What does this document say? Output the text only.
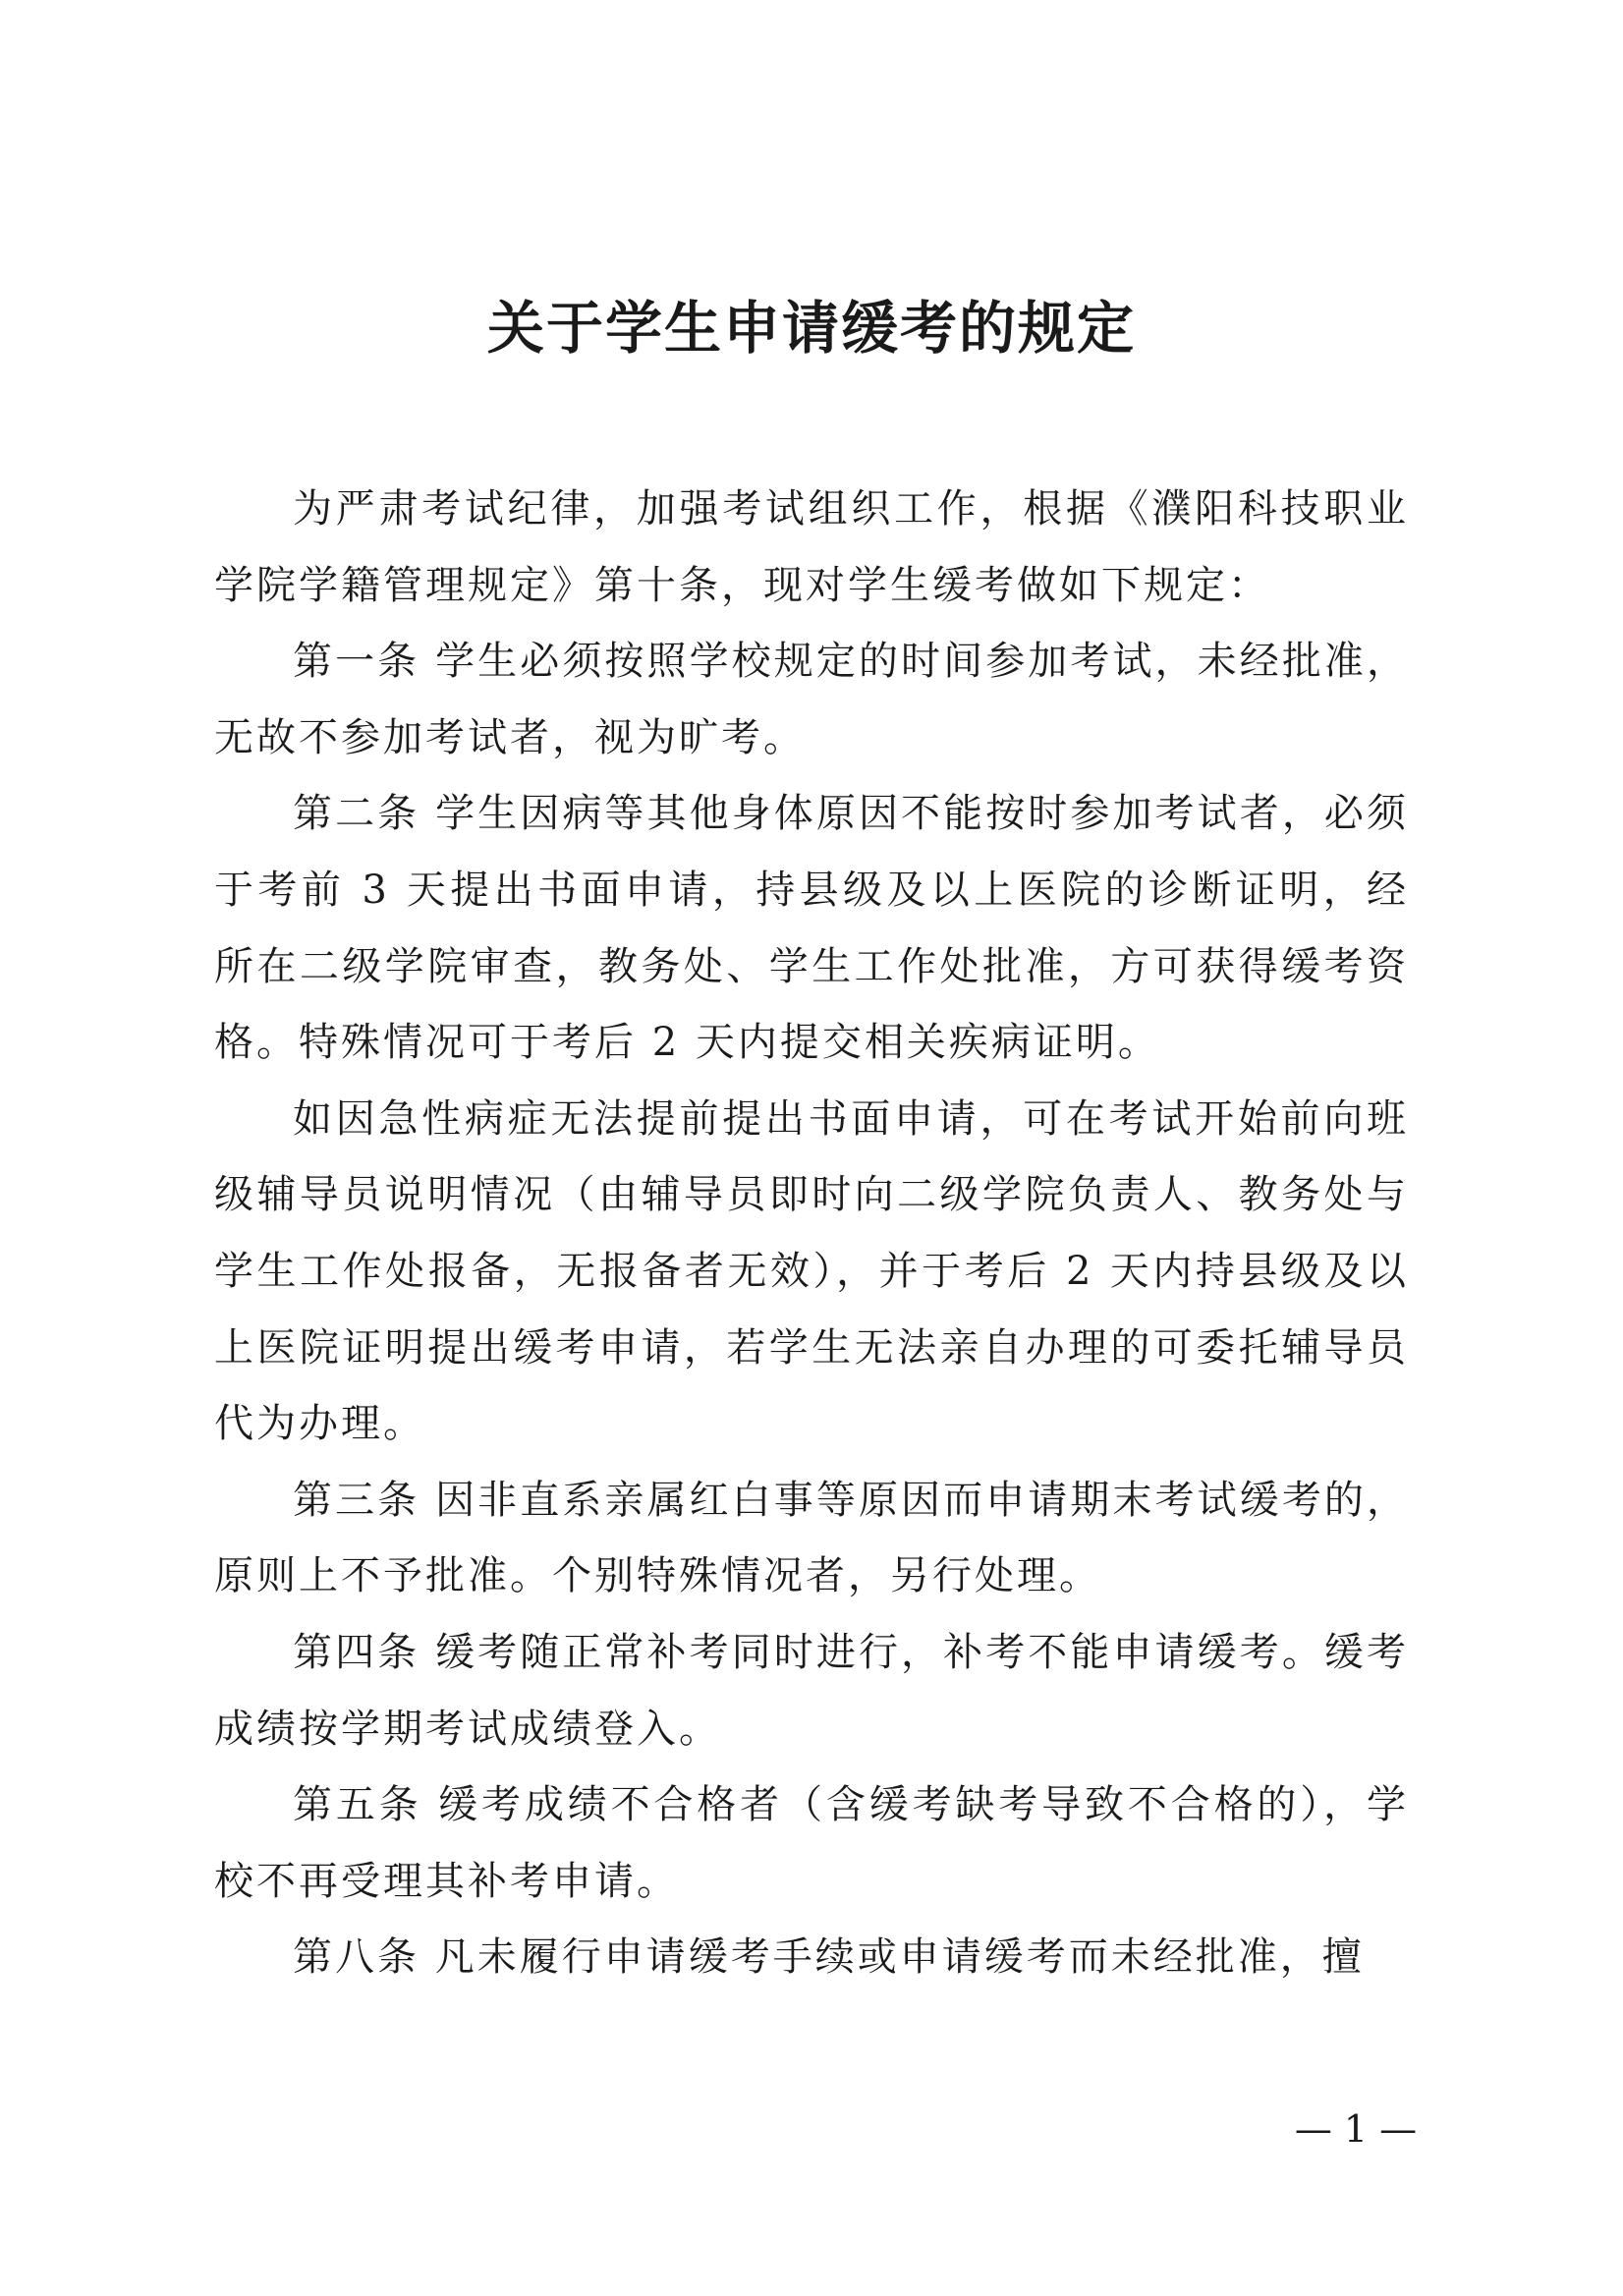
关于学生申请缓考的规定

为严肃考试纪律，加强考试组织工作，根据《濮阳科技职业学院学籍管理规定》第十条，现对学生缓考做如下规定：

第一条 学生必须按照学校规定的时间参加考试，未经批准，无故不参加考试者，视为旷考。

第二条 学生因病等其他身体原因不能按时参加考试者，必须于考前 3 天提出书面申请，持县级及以上医院的诊断证明，经所在二级学院审查，教务处、学生工作处批准，方可获得缓考资格。特殊情况可于考后 2 天内提交相关疾病证明。

如因急性病症无法提前提出书面申请，可在考试开始前向班级辅导员说明情况（由辅导员即时向二级学院负责人、教务处与学生工作处报备，无报备者无效），并于考后 2 天内持县级及以上医院证明提出缓考申请，若学生无法亲自办理的可委托辅导员代为办理。

第三条 因非直系亲属红白事等原因而申请期末考试缓考的，原则上不予批准。个别特殊情况者，另行处理。

第四条 缓考随正常补考同时进行，补考不能申请缓考。缓考成绩按学期考试成绩登入。

第五条 缓考成绩不合格者（含缓考缺考导致不合格的），学校不再受理其补考申请。

第八条 凡未履行申请缓考手续或申请缓考而未经批准，擅

— 1 —
